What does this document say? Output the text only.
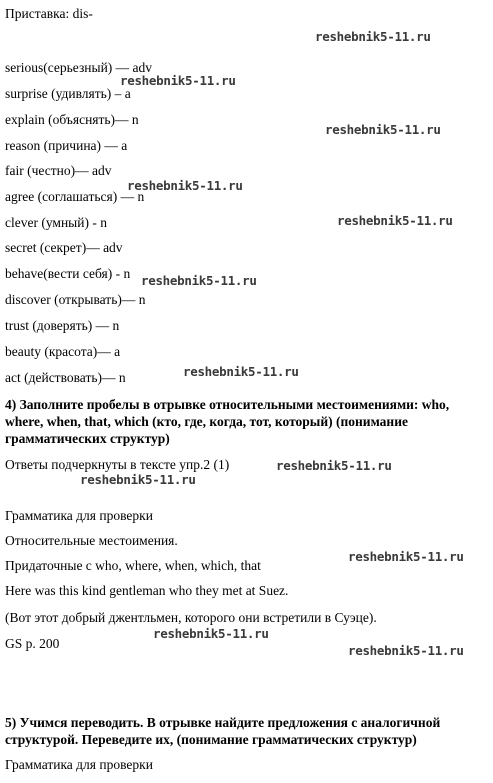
Приставка: dis-
serious(серьезный) — adv
surprise (удивлять) – a
explain (объяснять)— n
reason (причина) — a
fair (честно)— adv
agree (соглашаться) — n
clever (умный) - n
secret (секрет)— adv
behave(вести себя) - n
discover (открывать)— n
trust (доверять) — n
beauty (красота)— a
act (действовать)— n
4) Заполните пробелы в отрывке относительными местоимениями: who, where, when, that, which (кто, где, когда, тот, который) (понимание грамматических структур)
Ответы подчеркнуты в тексте упр.2 (1)
Грамматика для проверки
Относительные местоимения.
Придаточные с who, where, when, which, that
Here was this kind gentleman who they met at Suez.
(Вот этот добрый джентльмен, которого они встретили в Суэце).
GS p. 200
5) Учимся переводить. В отрывке найдите предложения с аналогичной структурой. Переведите их, (понимание грамматических структур)
Грамматика для проверки
reshebnik5-11.ru
reshebnik5-11.ru
reshebnik5-11.ru
reshebnik5-11.ru
reshebnik5-11.ru
reshebnik5-11.ru
reshebnik5-11.ru
reshebnik5-11.ru
reshebnik5-11.ru
reshebnik5-11.ru
reshebnik5-11.ru
reshebnik5-11.ru
